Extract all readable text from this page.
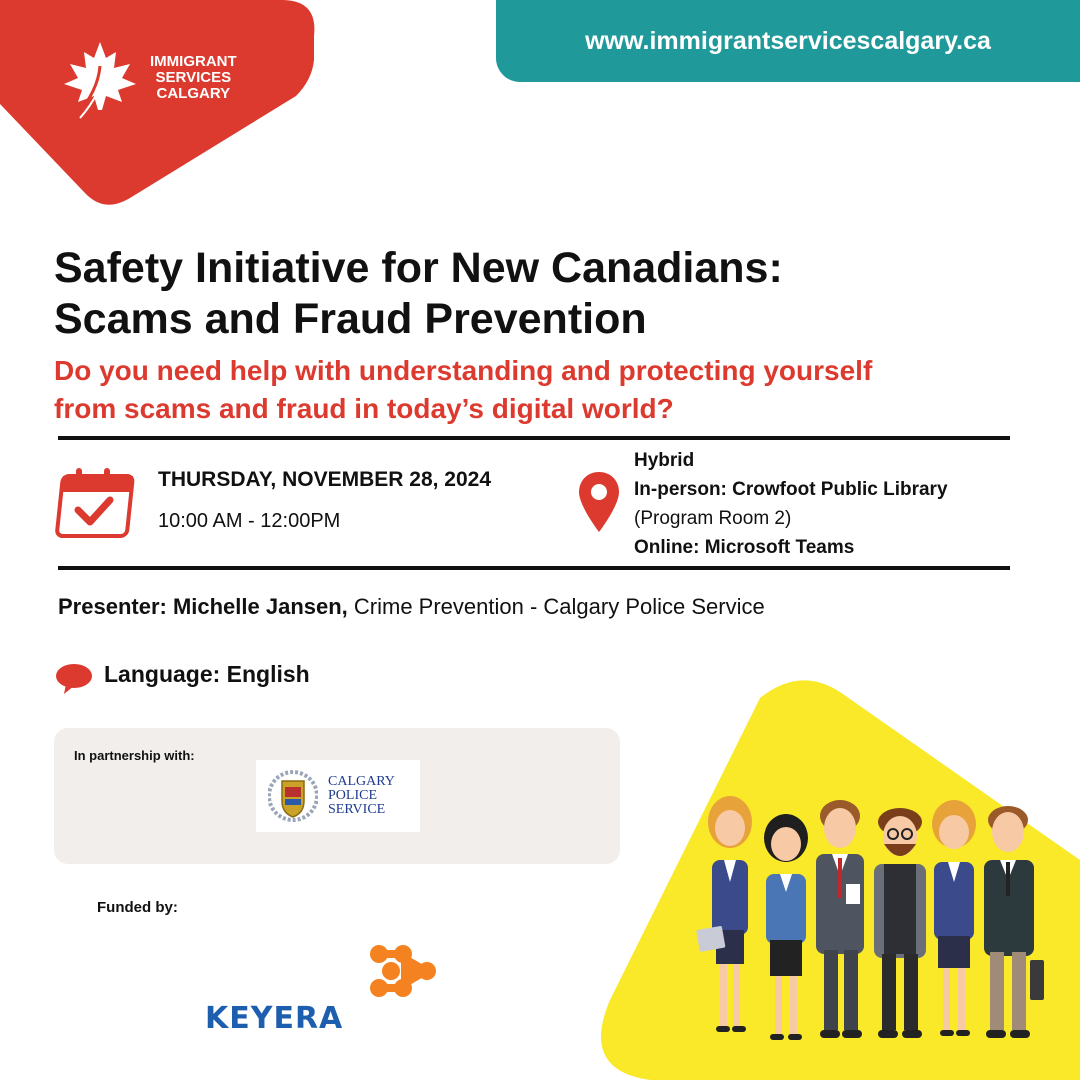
IMMIGRANT
SERVICES
CALGARY
www.immigrantservicescalgary.ca
Safety Initiative for New Canadians:
Scams and Fraud Prevention
Do you need help with understanding and protecting yourself
from scams and fraud in today’s digital world?
THURSDAY, NOVEMBER 28, 2024
10:00 AM - 12:00PM
Hybrid
In-person: Crowfoot Public Library
(Program Room 2)
Online: Microsoft Teams
Presenter: Michelle Jansen, Crime Prevention - Calgary Police Service
Language: English
In partnership with:
CALGARY
POLICE
SERVICE
Funded by:
KEYERA
